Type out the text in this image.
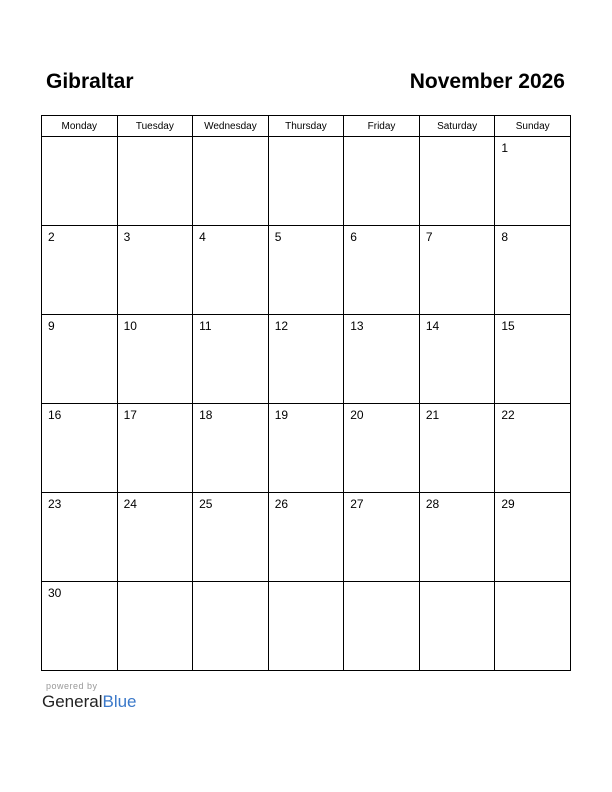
Gibraltar	November 2026
Monday	Tuesday	Wednesday	Thursday	Friday	Saturday	Sunday

						1

2	3	4	5	6	7	8

9	10	11	12	13	14	15

16	17	18	19	20	21	22

23	24	25	26	27	28	29

30						

powered by
GeneralBlue
